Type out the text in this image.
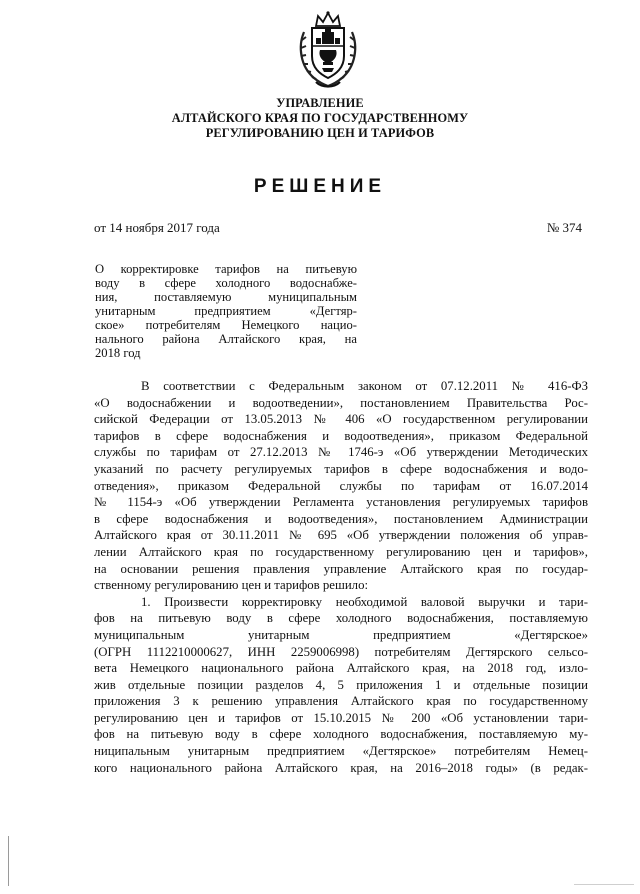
УПРАВЛЕНИЕ
АЛТАЙСКОГО КРАЯ ПО ГОСУДАРСТВЕННОМУ
РЕГУЛИРОВАНИЮ ЦЕН И ТАРИФОВ
РЕШЕНИЕ
от 14 ноября 2017 года	№ 374
О корректировке тарифов на питьевую
воду в сфере холодного водоснабже-
ния, поставляемую муниципальным
унитарным предприятием «Дегтяр-
ское» потребителям Немецкого нацио-
нального района Алтайского края, на
2018 год
В соответствии с Федеральным законом от 07.12.2011 № 416-ФЗ
«О водоснабжении и водоотведении», постановлением Правительства Рос-
сийской Федерации от 13.05.2013 № 406 «О государственном регулировании
тарифов в сфере водоснабжения и водоотведения», приказом Федеральной
службы по тарифам от 27.12.2013 № 1746-э «Об утверждении Методических
указаний по расчету регулируемых тарифов в сфере водоснабжения и водо-
отведения», приказом Федеральной службы по тарифам от 16.07.2014
№ 1154-э «Об утверждении Регламента установления регулируемых тарифов
в сфере водоснабжения и водоотведения», постановлением Администрации
Алтайского края от 30.11.2011 № 695 «Об утверждении положения об управ-
лении Алтайского края по государственному регулированию цен и тарифов»,
на основании решения правления управление Алтайского края по государ-
ственному регулированию цен и тарифов решило:
1. Произвести корректировку необходимой валовой выручки и тари-
фов на питьевую воду в сфере холодного водоснабжения, поставляемую
муниципальным унитарным предприятием «Дегтярское»
(ОГРН 1112210000627, ИНН 2259006998) потребителям Дегтярского сельсо-
вета Немецкого национального района Алтайского края, на 2018 год, изло-
жив отдельные позиции разделов 4, 5 приложения 1 и отдельные позиции
приложения 3 к решению управления Алтайского края по государственному
регулированию цен и тарифов от 15.10.2015 № 200 «Об установлении тари-
фов на питьевую воду в сфере холодного водоснабжения, поставляемую му-
ниципальным унитарным предприятием «Дегтярское» потребителям Немец-
кого национального района Алтайского края, на 2016–2018 годы» (в редак-
